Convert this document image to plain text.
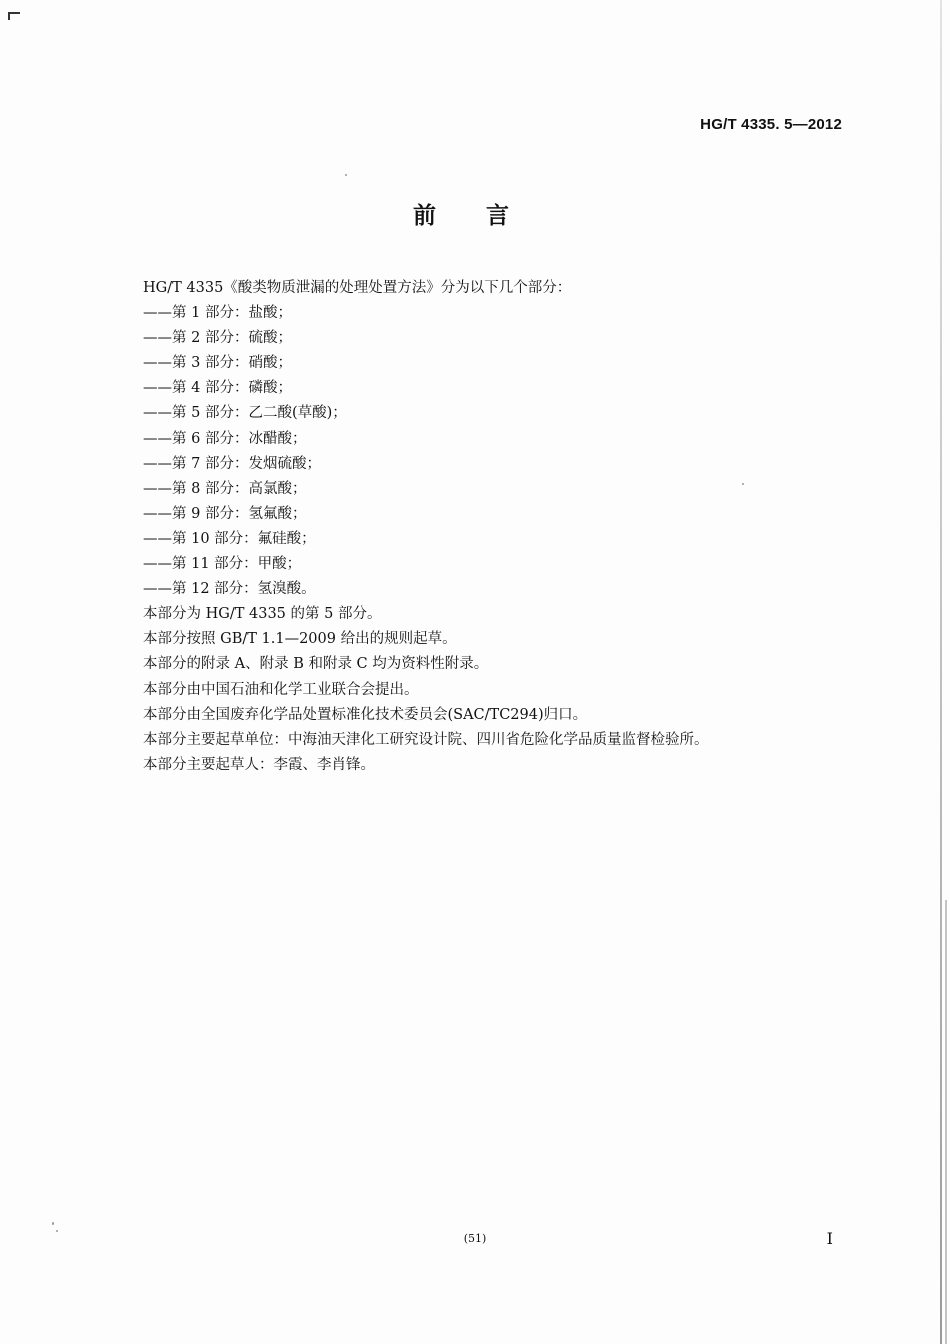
HG/T 4335. 5—2012
前言
HG/T 4335《酸类物质泄漏的处理处置方法》分为以下几个部分：
——第 1 部分：盐酸；
——第 2 部分：硫酸；
——第 3 部分：硝酸；
——第 4 部分：磷酸；
——第 5 部分：乙二酸(草酸)；
——第 6 部分：冰醋酸；
——第 7 部分：发烟硫酸；
——第 8 部分：高氯酸；
——第 9 部分：氢氟酸；
——第 10 部分：氟硅酸；
——第 11 部分：甲酸；
——第 12 部分：氢溴酸。
本部分为 HG/T 4335 的第 5 部分。
本部分按照 GB/T 1.1—2009 给出的规则起草。
本部分的附录 A、附录 B 和附录 C 均为资料性附录。
本部分由中国石油和化学工业联合会提出。
本部分由全国废弃化学品处置标准化技术委员会(SAC/TC294)归口。
本部分主要起草单位：中海油天津化工研究设计院、四川省危险化学品质量监督检验所。
本部分主要起草人：李霞、李肖锋。
(51)	I
